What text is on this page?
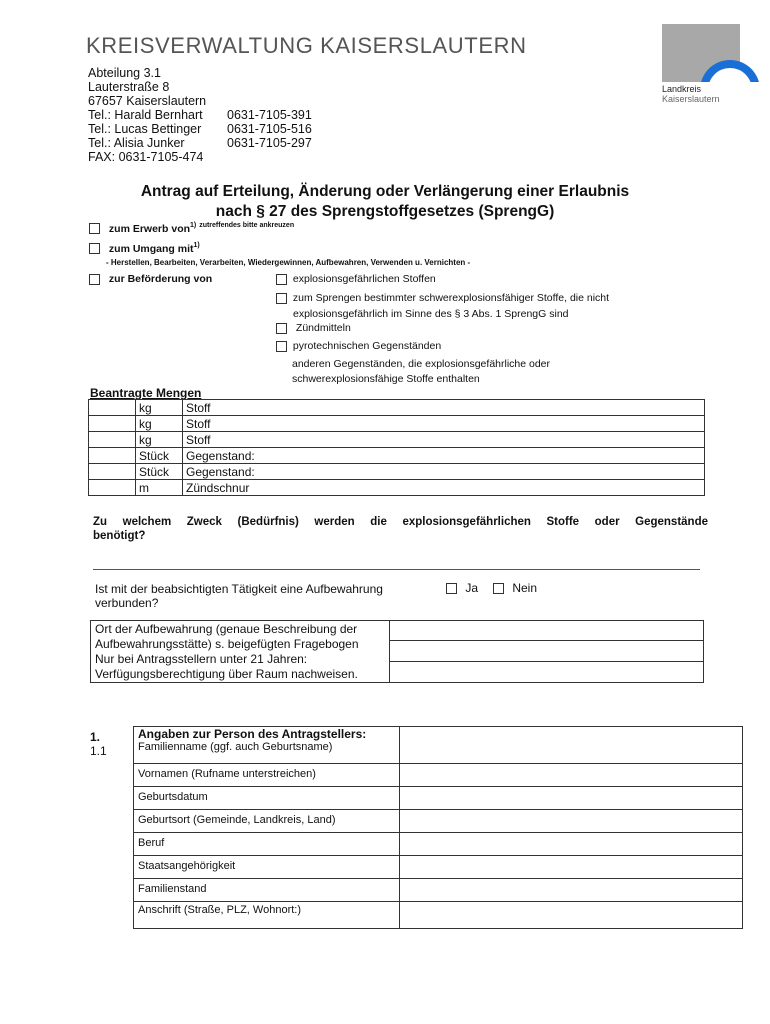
KREISVERWALTUNG KAISERSLAUTERN
Landkreis
Kaiserslautern
Abteilung 3.1
Lauterstraße 8
67657 Kaiserslautern
Tel.: Harald Bernhart 0631-7105-391
Tel.: Lucas Bettinger 0631-7105-516
Tel.: Alisia Junker	0631-7105-297
FAX: 0631-7105-474
Antrag auf Erteilung, Änderung oder Verlängerung einer Erlaubnis
nach § 27 des Sprengstoffgesetzes (SprengG)
zum Erwerb von$^{1)}$ $^{zutreffendes bitte ankreuzen}$
zum Umgang mit$^{1)}$
- Herstellen, Bearbeiten, Verarbeiten, Wiedergewinnen, Aufbewahren, Verwenden u. Vernichten -
zur Beförderung von	explosionsgefährlichen Stoffen
zum Sprengen bestimmter schwerexplosionsfähiger Stoffe, die nicht
explosionsgefährlich im Sinne des § 3 Abs. 1 SprengG sind
Zündmitteln
pyrotechnischen Gegenständen
anderen Gegenständen, die explosionsgefährliche oder
schwerexplosionsfähige Stoffe enthalten
Beantragte Mengen
	kg	Stoff
	kg	Stoff
	kg	Stoff
	Stück	Gegenstand:
	Stück	Gegenstand:
	m	Zündschnur
Zu welchem Zweck (Bedürfnis) werden die explosionsgefährlichen Stoffe oder Gegenstände
benötigt?
Ist mit der beabsichtigten Tätigkeit eine Aufbewahrung
verbunden?
Ja	Nein
Ort der Aufbewahrung (genaue Beschreibung der
Aufbewahrungsstätte) s. beigefügten Fragebogen
Nur bei Antragsstellern unter 21 Jahren:
Verfügungsberechtigung über Raum nachweisen.

1.
1.1
Angaben zur Person des Antragstellers:
Familienname (ggf. auch Geburtsname)	

Vornamen (Rufname unterstreichen)	
Geburtsdatum	
Geburtsort (Gemeinde, Landkreis, Land)	
Beruf	
Staatsangehörigkeit	
Familienstand	
Anschrift (Straße, PLZ, Wohnort:)	
